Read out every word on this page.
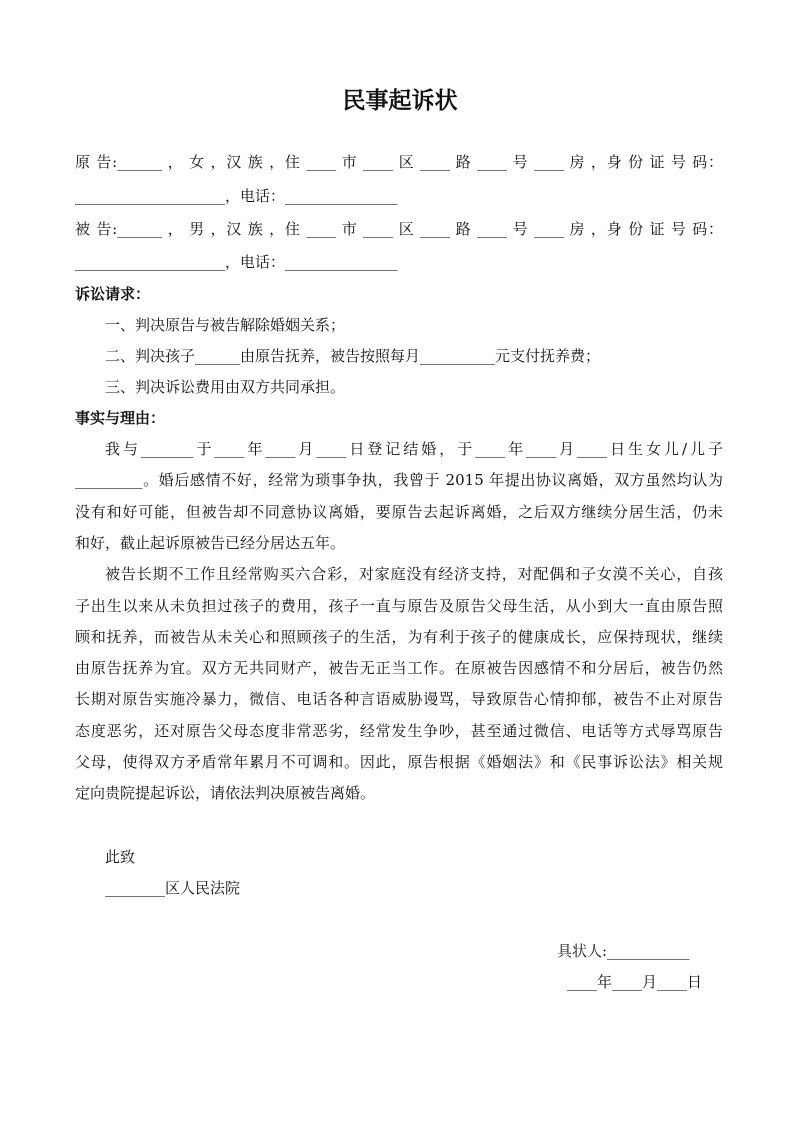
民事起诉状
原 告:______ ， 女 ，汉 族 ，住 ____ 市 ____ 区 ____ 路 ____ 号 ____ 房 ，身 份 证 号 码：
____________________，电话：_______________
被 告:______ ， 男 ，汉 族 ，住 ____ 市 ____ 区 ____ 路 ____ 号 ____ 房 ，身 份 证 号 码：
____________________，电话：_______________
诉讼请求：
一、判决原告与被告解除婚姻关系；
二、判决孩子______由原告抚养，被告按照每月__________元支付抚养费；
三、判决诉讼费用由双方共同承担。
事实与理由：
我与_______于____年____月____日登记结婚，于____年____月____日生女儿/儿子
_________。婚后感情不好，经常为琐事争执，我曾于 2015 年提出协议离婚，双方虽然均认为
没有和好可能，但被告却不同意协议离婚，要原告去起诉离婚，之后双方继续分居生活，仍未
和好，截止起诉原被告已经分居达五年。
被告长期不工作且经常购买六合彩，对家庭没有经济支持，对配偶和子女漠不关心，自孩
子出生以来从未负担过孩子的费用，孩子一直与原告及原告父母生活，从小到大一直由原告照
顾和抚养，而被告从未关心和照顾孩子的生活，为有利于孩子的健康成长，应保持现状，继续
由原告抚养为宜。双方无共同财产，被告无正当工作。在原被告因感情不和分居后，被告仍然
长期对原告实施冷暴力，微信、电话各种言语威胁谩骂，导致原告心情抑郁，被告不止对原告
态度恶劣，还对原告父母态度非常恶劣，经常发生争吵，甚至通过微信、电话等方式辱骂原告
父母，使得双方矛盾常年累月不可调和。因此，原告根据《婚姻法》和《民事诉讼法》相关规
定向贵院提起诉讼，请依法判决原被告离婚。
此致
________区人民法院
具状人:___________
____年____月____日
